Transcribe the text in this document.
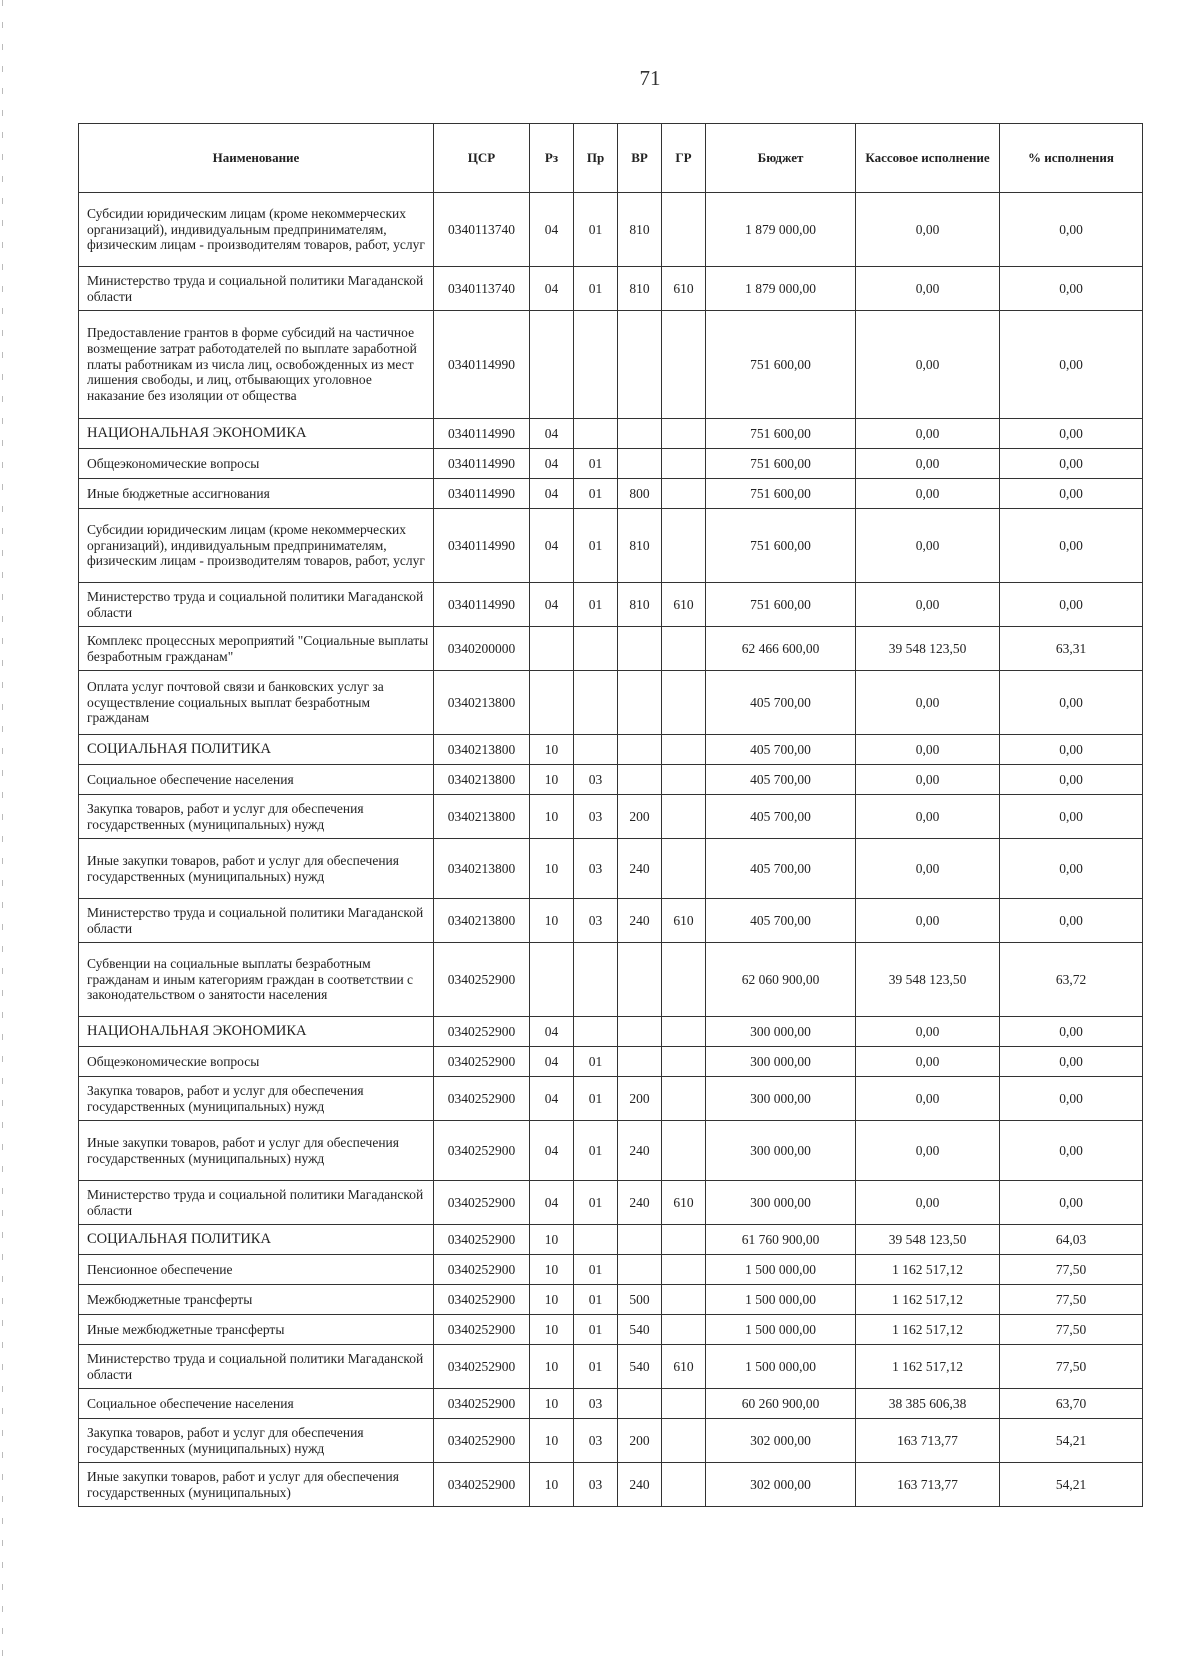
71
Наименование	ЦСР	Рз	Пр	ВР	ГР	Бюджет	Кассовое исполнение	% исполнения
Субсидии юридическим лицам (кроме некоммерческих организаций), индивидуальным предпринимателям, физическим лицам - производителям товаров, работ, услуг	0340113740	04	01	810		1 879 000,00	0,00	0,00
Министерство труда и социальной политики Магаданской области	0340113740	04	01	810	610	1 879 000,00	0,00	0,00
Предоставление грантов в форме субсидий на частичное возмещение затрат работодателей по выплате заработной платы работникам из числа лиц, освобожденных из мест лишения свободы, и лиц, отбывающих уголовное наказание без изоляции от общества	0340114990					751 600,00	0,00	0,00
НАЦИОНАЛЬНАЯ ЭКОНОМИКА	0340114990	04				751 600,00	0,00	0,00
Общеэкономические вопросы	0340114990	04	01			751 600,00	0,00	0,00
Иные бюджетные ассигнования	0340114990	04	01	800		751 600,00	0,00	0,00
Субсидии юридическим лицам (кроме некоммерческих организаций), индивидуальным предпринимателям, физическим лицам - производителям товаров, работ, услуг	0340114990	04	01	810		751 600,00	0,00	0,00
Министерство труда и социальной политики Магаданской области	0340114990	04	01	810	610	751 600,00	0,00	0,00
Комплекс процессных мероприятий "Социальные выплаты безработным гражданам"	0340200000					62 466 600,00	39 548 123,50	63,31
Оплата услуг почтовой связи и банковских услуг за осуществление социальных выплат безработным гражданам	0340213800					405 700,00	0,00	0,00
СОЦИАЛЬНАЯ ПОЛИТИКА	0340213800	10				405 700,00	0,00	0,00
Социальное обеспечение населения	0340213800	10	03			405 700,00	0,00	0,00
Закупка товаров, работ и услуг для обеспечения государственных (муниципальных) нужд	0340213800	10	03	200		405 700,00	0,00	0,00
Иные закупки товаров, работ и услуг для обеспечения государственных (муниципальных) нужд	0340213800	10	03	240		405 700,00	0,00	0,00
Министерство труда и социальной политики Магаданской области	0340213800	10	03	240	610	405 700,00	0,00	0,00
Субвенции на социальные выплаты безработным гражданам и иным категориям граждан в соответствии с законодательством о занятости населения	0340252900					62 060 900,00	39 548 123,50	63,72
НАЦИОНАЛЬНАЯ ЭКОНОМИКА	0340252900	04				300 000,00	0,00	0,00
Общеэкономические вопросы	0340252900	04	01			300 000,00	0,00	0,00
Закупка товаров, работ и услуг для обеспечения государственных (муниципальных) нужд	0340252900	04	01	200		300 000,00	0,00	0,00
Иные закупки товаров, работ и услуг для обеспечения государственных (муниципальных) нужд	0340252900	04	01	240		300 000,00	0,00	0,00
Министерство труда и социальной политики Магаданской области	0340252900	04	01	240	610	300 000,00	0,00	0,00
СОЦИАЛЬНАЯ ПОЛИТИКА	0340252900	10				61 760 900,00	39 548 123,50	64,03
Пенсионное обеспечение	0340252900	10	01			1 500 000,00	1 162 517,12	77,50
Межбюджетные трансферты	0340252900	10	01	500		1 500 000,00	1 162 517,12	77,50
Иные межбюджетные трансферты	0340252900	10	01	540		1 500 000,00	1 162 517,12	77,50
Министерство труда и социальной политики Магаданской области	0340252900	10	01	540	610	1 500 000,00	1 162 517,12	77,50
Социальное обеспечение населения	0340252900	10	03			60 260 900,00	38 385 606,38	63,70
Закупка товаров, работ и услуг для обеспечения государственных (муниципальных) нужд	0340252900	10	03	200		302 000,00	163 713,77	54,21
Иные закупки товаров, работ и услуг для обеспечения государственных (муниципальных)	0340252900	10	03	240		302 000,00	163 713,77	54,21
